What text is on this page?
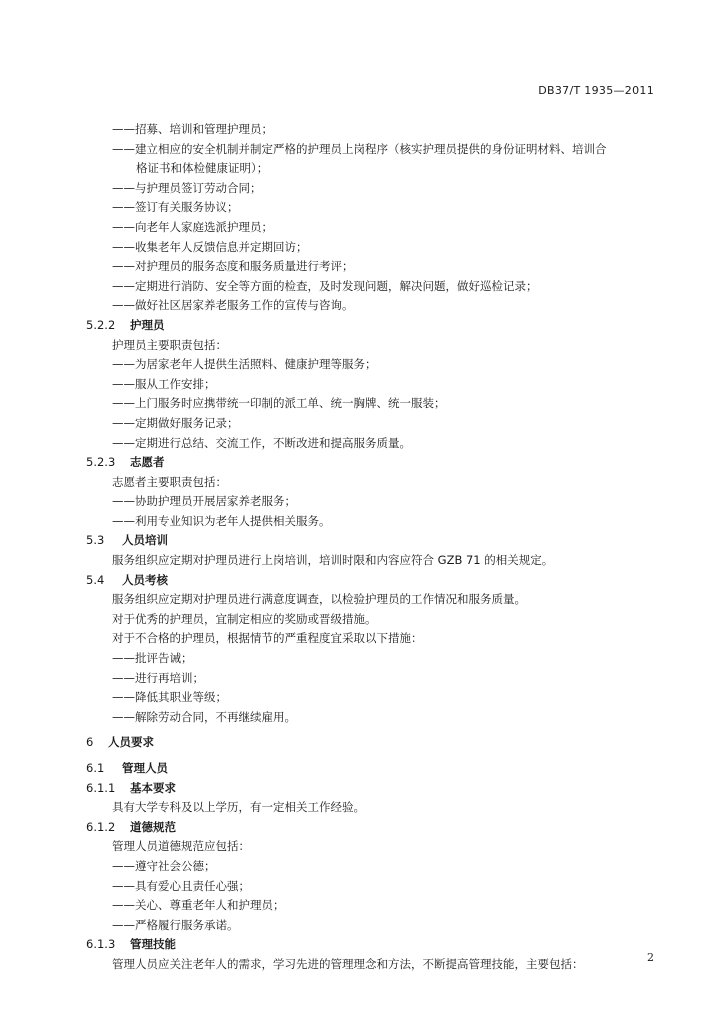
DB37/T 1935—2011
——招募、培训和管理护理员；
——建立相应的安全机制并制定严格的护理员上岗程序（核实护理员提供的身份证明材料、培训合
格证书和体检健康证明）；
——与护理员签订劳动合同；
——签订有关服务协议；
——向老年人家庭选派护理员；
——收集老年人反馈信息并定期回访；
——对护理员的服务态度和服务质量进行考评；
——定期进行消防、安全等方面的检查，及时发现问题，解决问题，做好巡检记录；
——做好社区居家养老服务工作的宣传与咨询。
5.2.2 护理员
护理员主要职责包括：
——为居家老年人提供生活照料、健康护理等服务；
——服从工作安排；
——上门服务时应携带统一印制的派工单、统一胸牌、统一服装；
——定期做好服务记录；
——定期进行总结、交流工作，不断改进和提高服务质量。
5.2.3 志愿者
志愿者主要职责包括：
——协助护理员开展居家养老服务；
——利用专业知识为老年人提供相关服务。
5.3 人员培训
服务组织应定期对护理员进行上岗培训，培训时限和内容应符合 GZB 71 的相关规定。
5.4 人员考核
服务组织应定期对护理员进行满意度调查，以检验护理员的工作情况和服务质量。
对于优秀的护理员，宜制定相应的奖励或晋级措施。
对于不合格的护理员，根据情节的严重程度宜采取以下措施：
——批评告诫；
——进行再培训；
——降低其职业等级；
——解除劳动合同，不再继续雇用。
6 人员要求
6.1 管理人员
6.1.1 基本要求
具有大学专科及以上学历，有一定相关工作经验。
6.1.2 道德规范
管理人员道德规范应包括：
——遵守社会公德；
——具有爱心且责任心强；
——关心、尊重老年人和护理员；
——严格履行服务承诺。
6.1.3 管理技能
管理人员应关注老年人的需求，学习先进的管理理念和方法，不断提高管理技能，主要包括：	2
